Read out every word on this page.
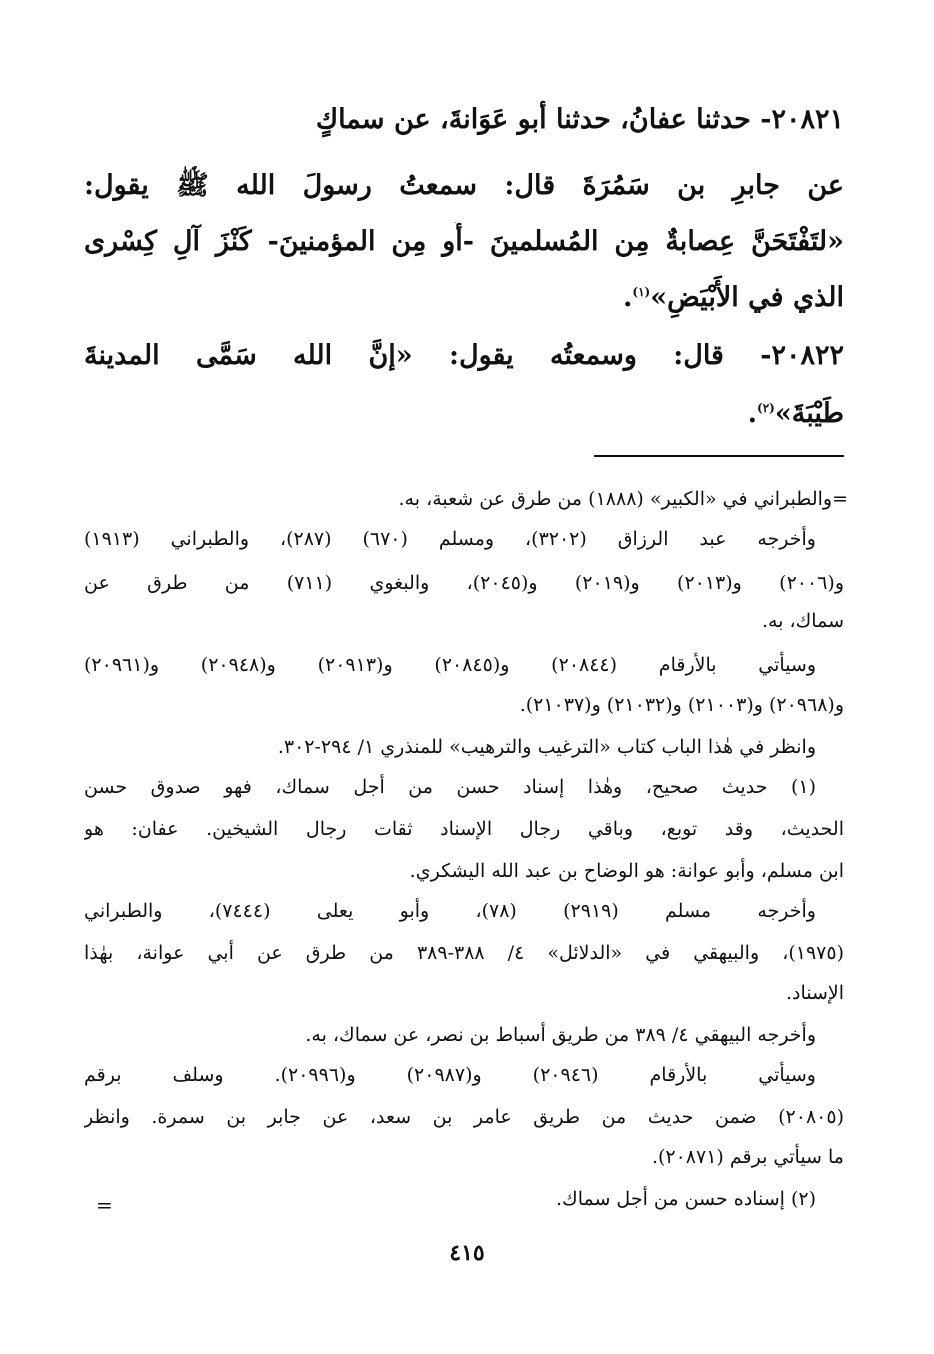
٢٠٨٢١- حدثنا عفانُ، حدثنا أبو عَوَانةَ، عن سماكٍ
عن جابرِ بن سَمُرَةَ قال: سمعتُ رسولَ الله ﷺ يقول:
«لتَفْتَحَنَّ عِصابةٌ مِن المُسلمينَ -أَو مِن المؤمنينَ- كَنْزَ آلِ كِسْرى
الذي في الأَبْيَضِ»$^{(١)}$.
٢٠٨٢٢- قال: وسمعتُه يقول: «إنَّ الله سَمَّى المدينةَ
طَيْبَةَ»$^{(٢)}$.
=والطبراني في «الكبير» (١٨٨٨) من طرق عن شعبة، به.
وأخرجه عبد الرزاق (٣٢٠٢)، ومسلم (٦٧٠) (٢٨٧)، والطبراني (١٩١٣)
و(٢٠٠٦) و(٢٠١٣) و(٢٠١٩) و(٢٠٤٥)، والبغوي (٧١١) من طرق عن
سماك، به.
وسيأتي بالأرقام (٢٠٨٤٤) و(٢٠٨٤٥) و(٢٠٩١٣) و(٢٠٩٤٨) و(٢٠٩٦١)
و(٢٠٩٦٨) و(٢١٠٠٣) و(٢١٠٣٢) و(٢١٠٣٧).
وانظر في هٰذا الباب كتاب «الترغيب والترهيب» للمنذري ١/ ٢٩٤-٣٠٢.
(١) حديث صحيح، وهٰذا إسناد حسن من أجل سماك، فهو صدوق حسن
الحديث، وقد توبع، وباقي رجال الإسناد ثقات رجال الشيخين. عفان: هو
ابن مسلم، وأبو عوانة: هو الوضاح بن عبد الله اليشكري.
وأخرجه مسلم (٢٩١٩) (٧٨)، وأبو يعلى (٧٤٤٤)، والطبراني
(١٩٧٥)، والبيهقي في «الدلائل» ٤/ ٣٨٨-٣٨٩ من طرق عن أبي عوانة، بهٰذا
الإسناد.
وأخرجه البيهقي ٤/ ٣٨٩ من طريق أسباط بن نصر، عن سماك، به.
وسيأتي بالأرقام (٢٠٩٤٦) و(٢٠٩٨٧) و(٢٠٩٩٦). وسلف برقم
(٢٠٨٠٥) ضمن حديث من طريق عامر بن سعد، عن جابر بن سمرة. وانظر
ما سيأتي برقم (٢٠٨٧١).
(٢) إسناده حسن من أجل سماك.
=
٤١٥
